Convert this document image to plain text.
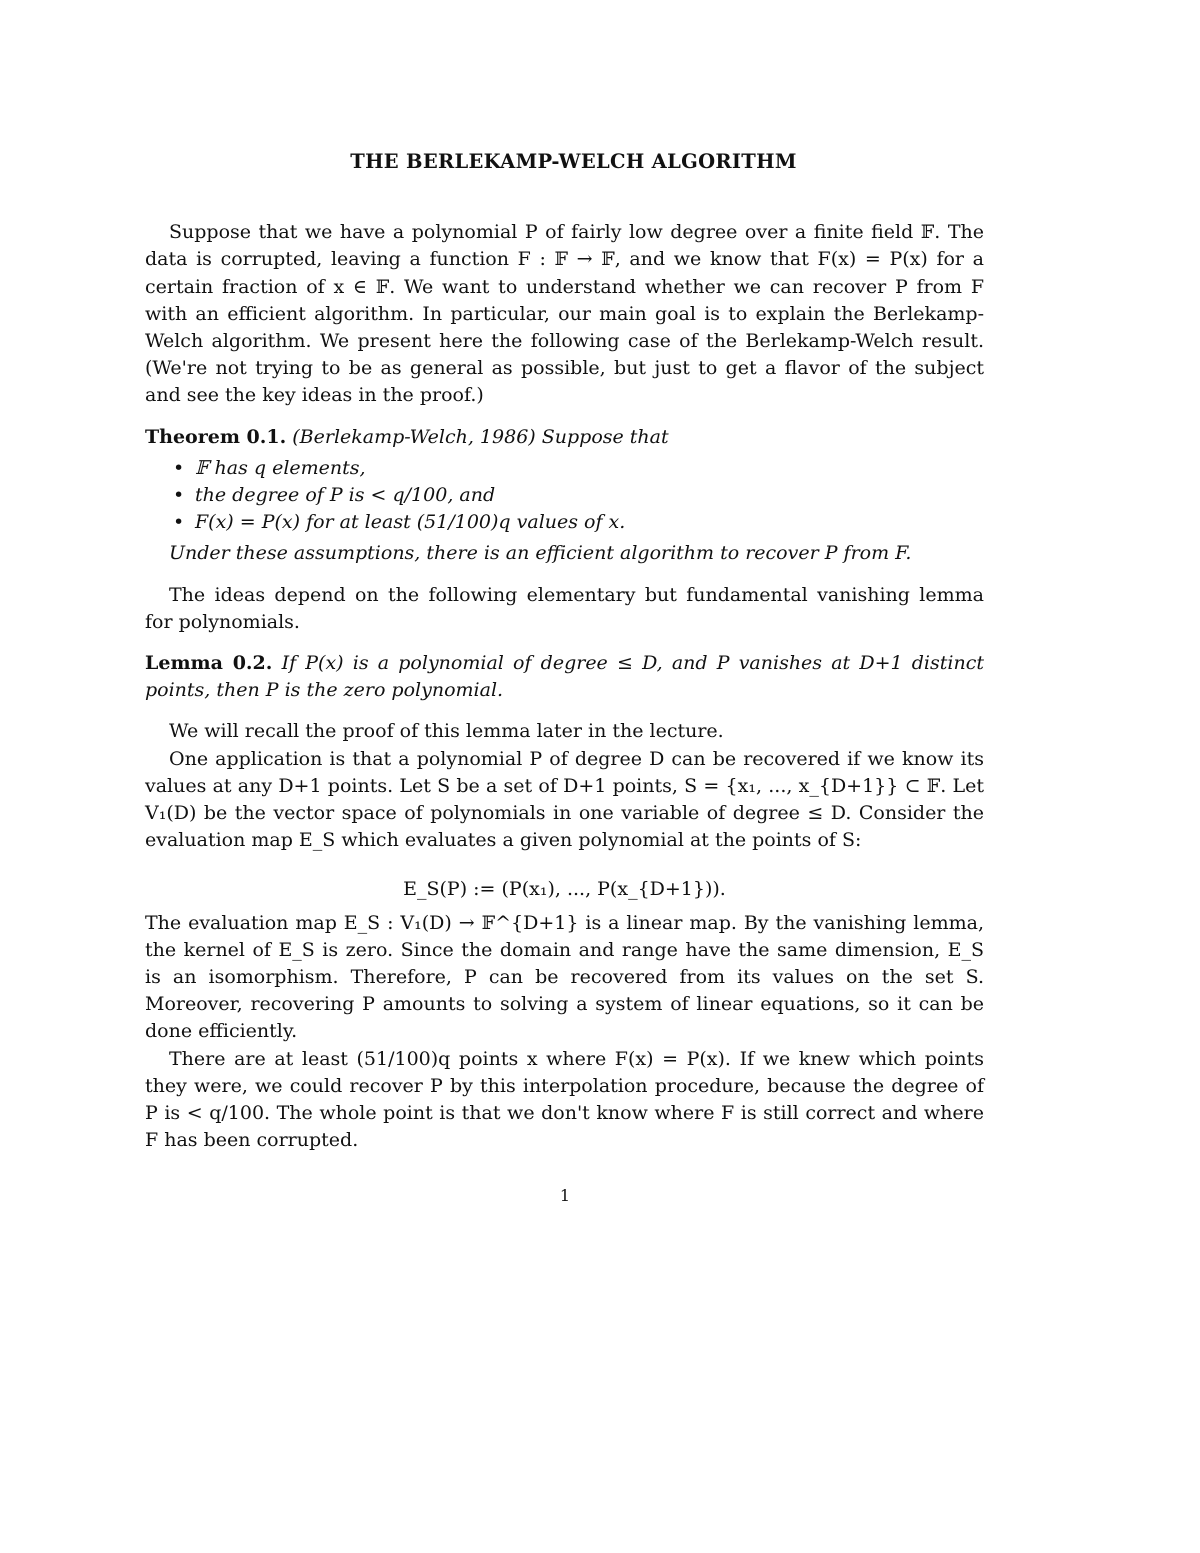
THE BERLEKAMP-WELCH ALGORITHM

Suppose that we have a polynomial P of fairly low degree over a finite field 𝔽. The data is corrupted, leaving a function F : 𝔽 → 𝔽, and we know that F(x) = P(x) for a certain fraction of x ∈ 𝔽. We want to understand whether we can recover P from F with an efficient algorithm. In particular, our main goal is to explain the Berlekamp-Welch algorithm. We present here the following case of the Berlekamp-Welch result. (We're not trying to be as general as possible, but just to get a flavor of the subject and see the key ideas in the proof.)

Theorem 0.1. (Berlekamp-Welch, 1986) Suppose that

• 𝔽 has q elements,
• the degree of P is < q/100, and
• F(x) = P(x) for at least (51/100)q values of x.

Under these assumptions, there is an efficient algorithm to recover P from F.

The ideas depend on the following elementary but fundamental vanishing lemma for polynomials.

Lemma 0.2. If P(x) is a polynomial of degree ≤ D, and P vanishes at D+1 distinct points, then P is the zero polynomial.

We will recall the proof of this lemma later in the lecture.

One application is that a polynomial P of degree D can be recovered if we know its values at any D+1 points. Let S be a set of D+1 points, S = {x₁, ..., x_{D+1}} ⊂ 𝔽. Let V₁(D) be the vector space of polynomials in one variable of degree ≤ D. Consider the evaluation map E_S which evaluates a given polynomial at the points of S:

E_S(P) := (P(x₁), ..., P(x_{D+1})).

The evaluation map E_S : V₁(D) → 𝔽^{D+1} is a linear map. By the vanishing lemma, the kernel of E_S is zero. Since the domain and range have the same dimension, E_S is an isomorphism. Therefore, P can be recovered from its values on the set S. Moreover, recovering P amounts to solving a system of linear equations, so it can be done efficiently.

There are at least (51/100)q points x where F(x) = P(x). If we knew which points they were, we could recover P by this interpolation procedure, because the degree of P is < q/100. The whole point is that we don't know where F is still correct and where F has been corrupted.

1
